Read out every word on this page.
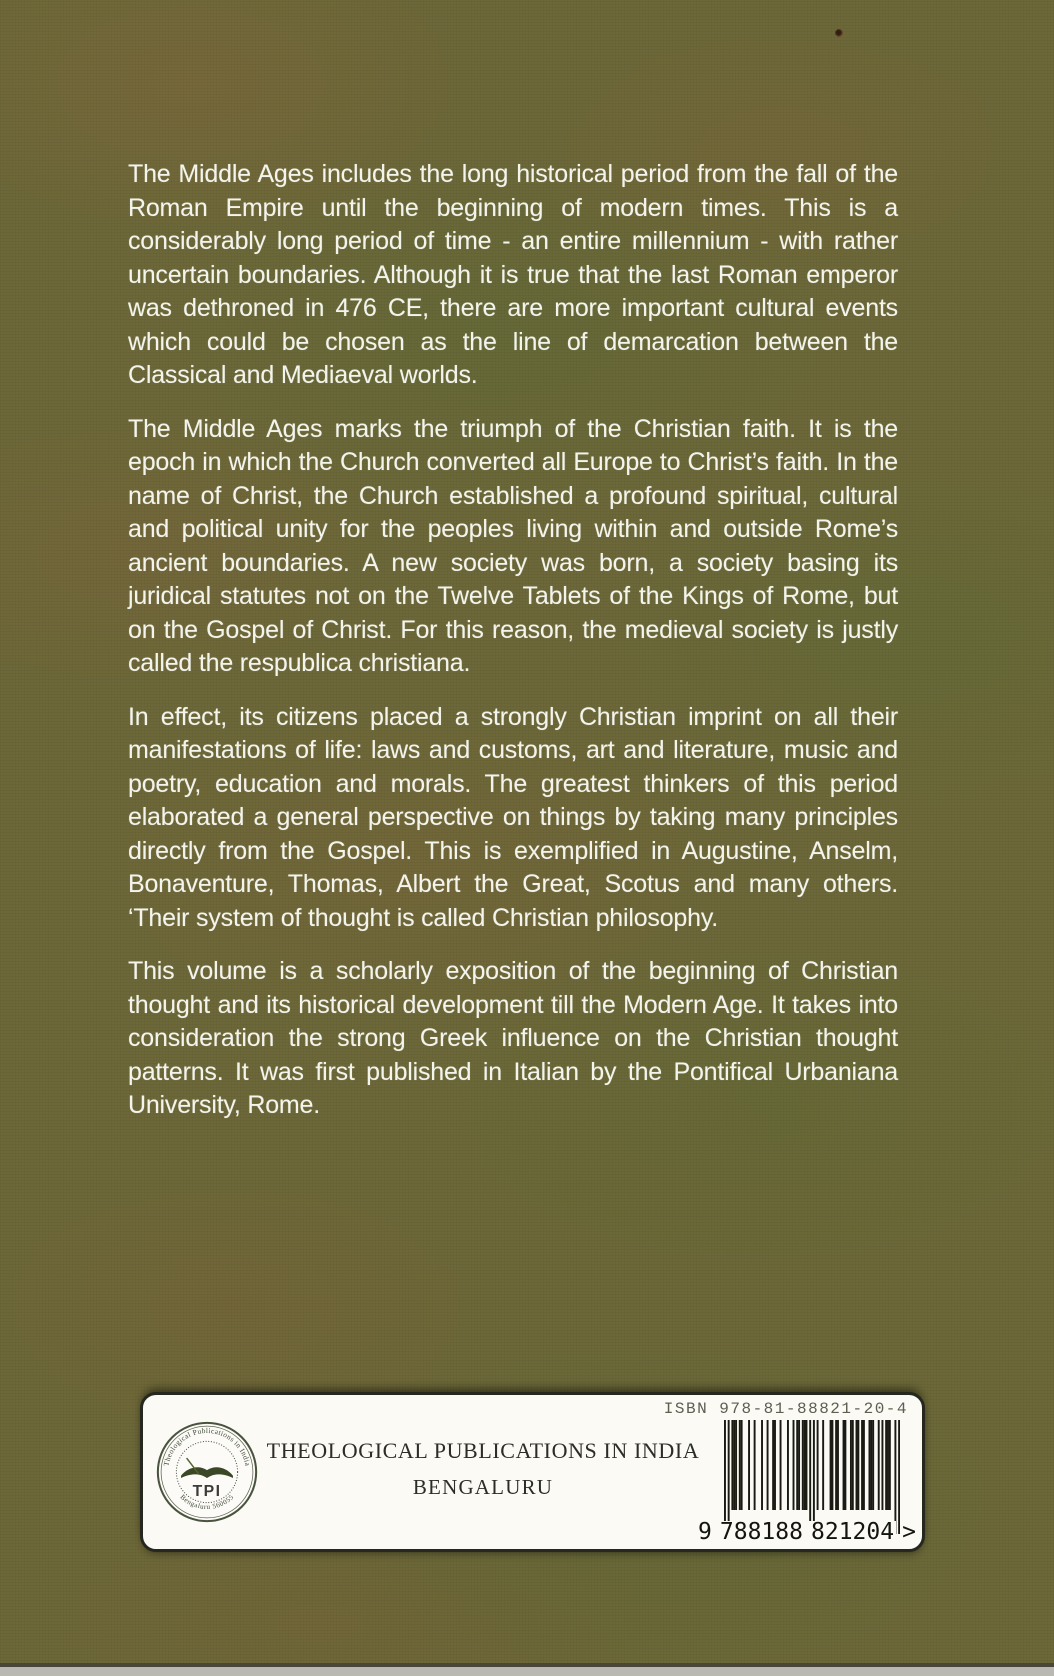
The Middle Ages includes the long historical period from the fall of the Roman Empire until the beginning of modern times. This is a considerably long period of time - an entire millennium - with rather uncertain boundaries. Although it is true that the last Roman emperor was dethroned in 476 CE, there are more important cultural events which could be chosen as the line of demarcation between the Classical and Mediaeval worlds.

The Middle Ages marks the triumph of the Christian faith. It is the epoch in which the Church converted all Europe to Christ’s faith. In the name of Christ, the Church established a profound spiritual, cultural and political unity for the peoples living within and outside Rome’s ancient boundaries. A new society was born, a society basing its juridical statutes not on the Twelve Tablets of the Kings of Rome, but on the Gospel of Christ. For this reason, the medieval society is justly called the respublica christiana.

In effect, its citizens placed a strongly Christian imprint on all their manifestations of life: laws and customs, art and literature, music and poetry, education and morals. The greatest thinkers of this period elaborated a general perspective on things by taking many principles directly from the Gospel. This is exemplified in Augustine, Anselm, Bonaventure, Thomas, Albert the Great, Scotus and many others. ‘Their system of thought is called Christian philosophy.

This volume is a scholarly exposition of the beginning of Christian thought and its historical development till the Modern Age. It takes into consideration the strong Greek influence on the Christian thought patterns. It was first published in Italian by the Pontifical Urbaniana University, Rome.

Theological Publications in India
Bengaluru 560055
TPI
THEOLOGICAL PUBLICATIONS IN INDIA
BENGALURU
ISBN 978-81-88821-20-4
9 788188 821204 >
